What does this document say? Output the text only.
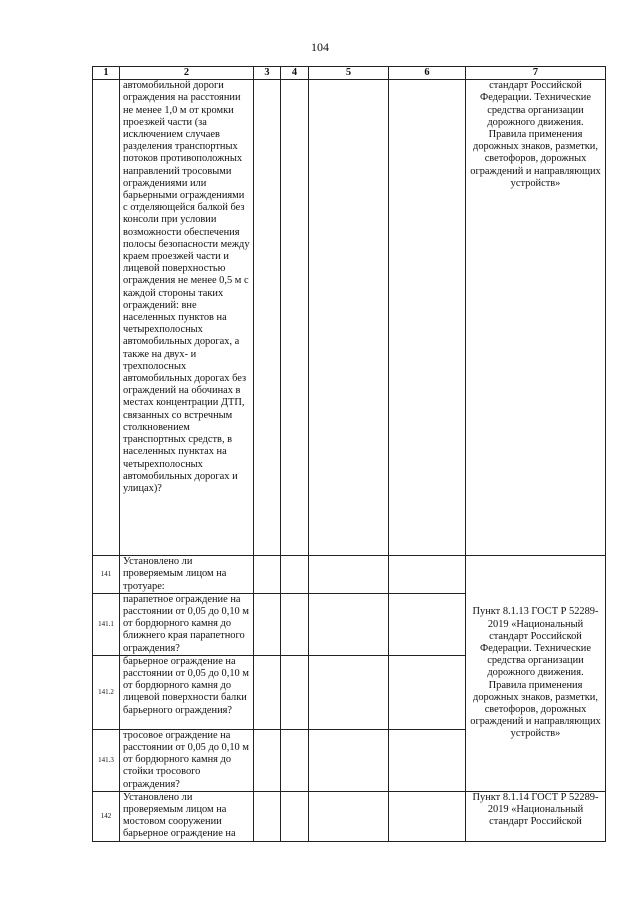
104
1	2	3	4	5	6	7
	автомобильной дороги ограждения на расстоянии не менее 1,0 м от кромки проезжей части (за исключением случаев разделения транспортных потоков противоположных направлений тросовыми ограждениями или барьерными ограждениями с отделяющейся балкой без консоли при условии возможности обеспечения полосы безопасности между краем проезжей части и лицевой поверхностью ограждения не менее 0,5 м с каждой стороны таких ограждений: вне населенных пунктов на четырехполосных автомобильных дорогах, а также на двух- и трехполосных автомобильных дорогах без ограждений на обочинах в местах концентрации ДТП, связанных со встречным столкновением транспортных средств, в населенных пунктах на четырехполосных автомобильных дорогах и улицах)?					стандарт Российской Федерации. Технические средства организации дорожного движения. Правила применения дорожных знаков, разметки, светофоров, дорожных ограждений и направляющих устройств»
141	Установлено ли проверяемым лицом на тротуаре:					Пункт 8.1.13 ГОСТ Р 52289-2019 «Национальный стандарт Российской Федерации. Технические средства организации дорожного движения. Правила применения дорожных знаков, разметки, светофоров, дорожных ограждений и направляющих устройств»
141.1	парапетное ограждение на расстоянии от 0,05 до 0,10 м от бордюрного камня до ближнего края парапетного ограждения?					
141.2	барьерное ограждение на расстоянии от 0,05 до 0,10 м от бордюрного камня до лицевой поверхности балки барьерного ограждения?					
141.3	тросовое ограждение на расстоянии от 0,05 до 0,10 м от бордюрного камня до стойки тросового ограждения?					
142	Установлено ли проверяемым лицом на мостовом сооружении барьерное ограждение на					Пункт 8.1.14 ГОСТ Р 52289-2019 «Национальный стандарт Российской
